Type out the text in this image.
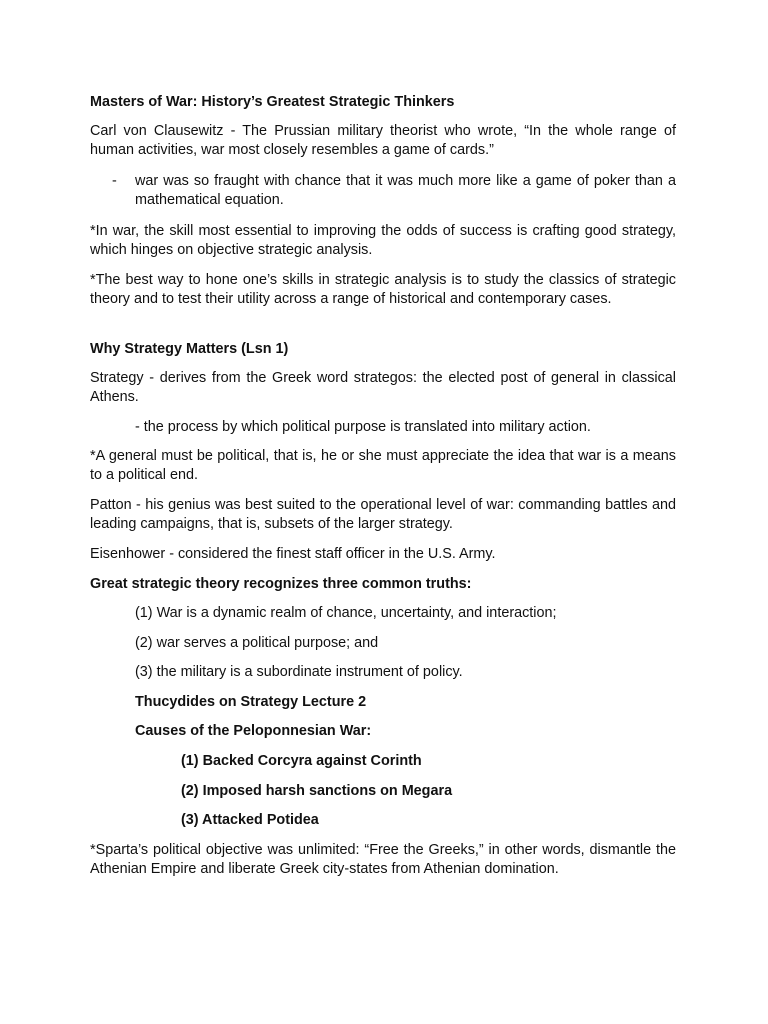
Masters of War: History’s Greatest Strategic Thinkers

Carl von Clausewitz - The Prussian military theorist who wrote, “In the whole range of human activities, war most closely resembles a game of cards.”

- war was so fraught with chance that it was much more like a game of poker than a mathematical equation.

*In war, the skill most essential to improving the odds of success is crafting good strategy, which hinges on objective strategic analysis.

*The best way to hone one’s skills in strategic analysis is to study the classics of strategic theory and to test their utility across a range of historical and contemporary cases.

Why Strategy Matters (Lsn 1)

Strategy - derives from the Greek word strategos: the elected post of general in classical Athens.

- the process by which political purpose is translated into military action.

*A general must be political, that is, he or she must appreciate the idea that war is a means to a political end.

Patton - his genius was best suited to the operational level of war: commanding battles and leading campaigns, that is, subsets of the larger strategy.

Eisenhower - considered the finest staff officer in the U.S. Army.

Great strategic theory recognizes three common truths:

(1) War is a dynamic realm of chance, uncertainty, and interaction;

(2) war serves a political purpose; and

(3) the military is a subordinate instrument of policy.

Thucydides on Strategy Lecture 2

Causes of the Peloponnesian War:

(1) Backed Corcyra against Corinth

(2) Imposed harsh sanctions on Megara

(3) Attacked Potidea

*Sparta’s political objective was unlimited: “Free the Greeks,” in other words, dismantle the Athenian Empire and liberate Greek city-states from Athenian domination.
